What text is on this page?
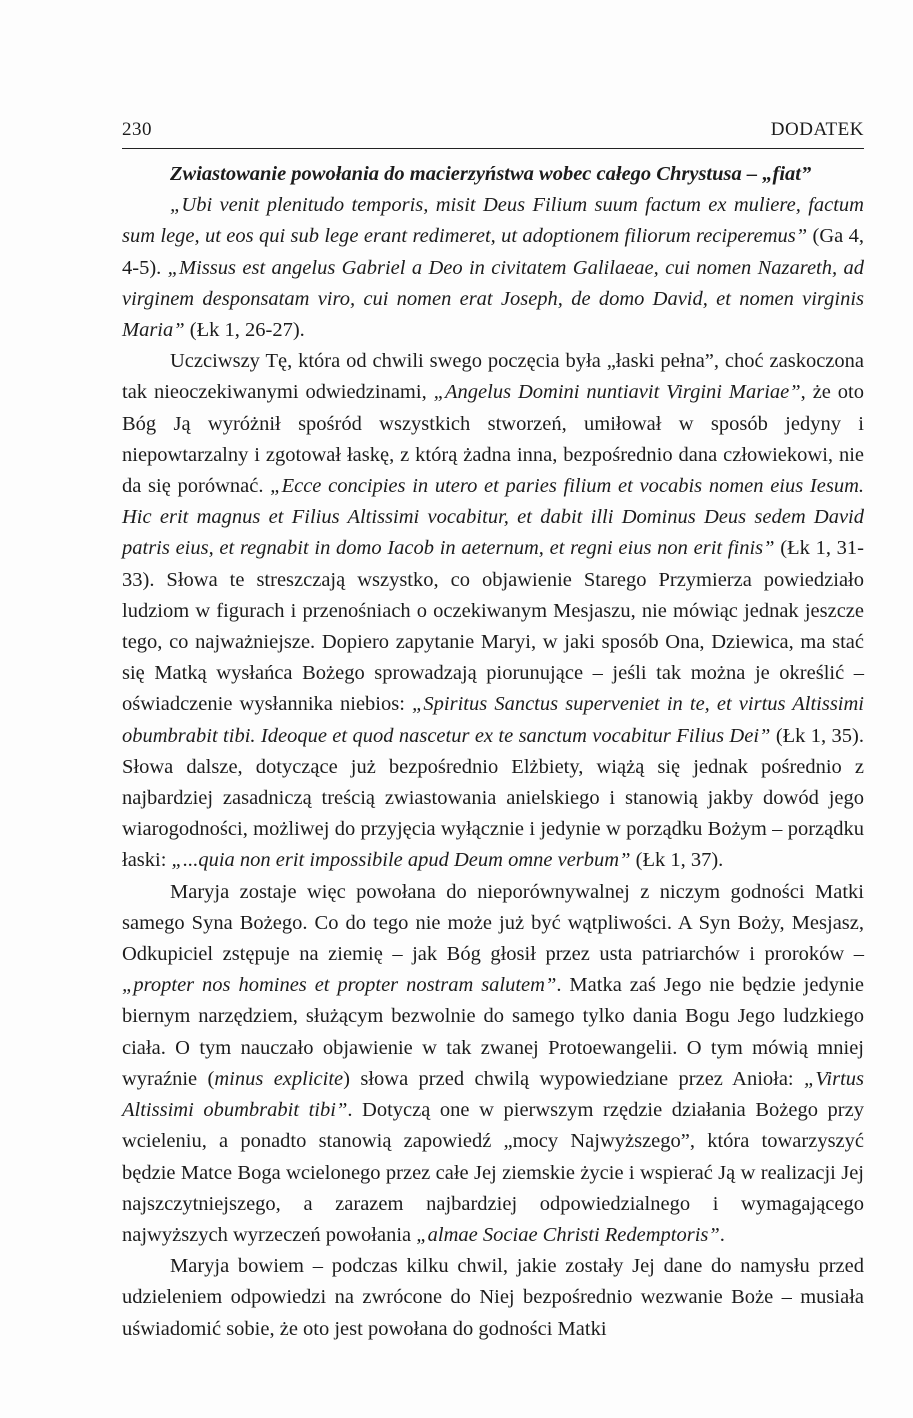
230	DODATEK

Zwiastowanie powołania do macierzyństwa wobec całego Chrystusa – „fiat”

„Ubi venit plenitudo temporis, misit Deus Filium suum factum ex muliere, factum sum lege, ut eos qui sub lege erant redimeret, ut adoptionem filiorum reciperemus” (Ga 4, 4-5). „Missus est angelus Gabriel a Deo in civitatem Galilaeae, cui nomen Nazareth, ad virginem desponsatam viro, cui nomen erat Joseph, de domo David, et nomen virginis Maria” (Łk 1, 26-27).

Uczciwszy Tę, która od chwili swego poczęcia była „łaski pełna”, choć zaskoczona tak nieoczekiwanymi odwiedzinami, „Angelus Domini nuntiavit Virgini Mariae”, że oto Bóg Ją wyróżnił spośród wszystkich stworzeń, umiłował w sposób jedyny i niepowtarzalny i zgotował łaskę, z którą żadna inna, bezpośrednio dana człowiekowi, nie da się porównać. „Ecce concipies in utero et paries filium et vocabis nomen eius Iesum. Hic erit magnus et Filius Altissimi vocabitur, et dabit illi Dominus Deus sedem David patris eius, et regnabit in domo Iacob in aeternum, et regni eius non erit finis” (Łk 1, 31-33). Słowa te streszczają wszystko, co objawienie Starego Przymierza powiedziało ludziom w figurach i przenośniach o oczekiwanym Mesjaszu, nie mówiąc jednak jeszcze tego, co najważniejsze. Dopiero zapytanie Maryi, w jaki sposób Ona, Dziewica, ma stać się Matką wysłańca Bożego sprowadzają piorunujące – jeśli tak można je określić – oświadczenie wysłannika niebios: „Spiritus Sanctus superveniet in te, et virtus Altissimi obumbrabit tibi. Ideoque et quod nascetur ex te sanctum vocabitur Filius Dei” (Łk 1, 35). Słowa dalsze, dotyczące już bezpośrednio Elżbiety, wiążą się jednak pośrednio z najbardziej zasadniczą treścią zwiastowania anielskiego i stanowią jakby dowód jego wiarogodności, możliwej do przyjęcia wyłącznie i jedynie w porządku Bożym – porządku łaski: „...quia non erit impossibile apud Deum omne verbum” (Łk 1, 37).

Maryja zostaje więc powołana do nieporównywalnej z niczym godności Matki samego Syna Bożego. Co do tego nie może już być wątpliwości. A Syn Boży, Mesjasz, Odkupiciel zstępuje na ziemię – jak Bóg głosił przez usta patriarchów i proroków – „propter nos homines et propter nostram salutem”. Matka zaś Jego nie będzie jedynie biernym narzędziem, służącym bezwolnie do samego tylko dania Bogu Jego ludzkiego ciała. O tym nauczało objawienie w tak zwanej Protoewangelii. O tym mówią mniej wyraźnie (minus explicite) słowa przed chwilą wypowiedziane przez Anioła: „Virtus Altissimi obumbrabit tibi”. Dotyczą one w pierwszym rzędzie działania Bożego przy wcieleniu, a ponadto stanowią zapowiedź „mocy Najwyższego”, która towarzyszyć będzie Matce Boga wcielonego przez całe Jej ziemskie życie i wspierać Ją w realizacji Jej najszczytniejszego, a zarazem najbardziej odpowiedzialnego i wymagającego najwyższych wyrzeczeń powołania „almae Sociae Christi Redemptoris”.

Maryja bowiem – podczas kilku chwil, jakie zostały Jej dane do namysłu przed udzieleniem odpowiedzi na zwrócone do Niej bezpośrednio wezwanie Boże – musiała uświadomić sobie, że oto jest powołana do godności Matki
